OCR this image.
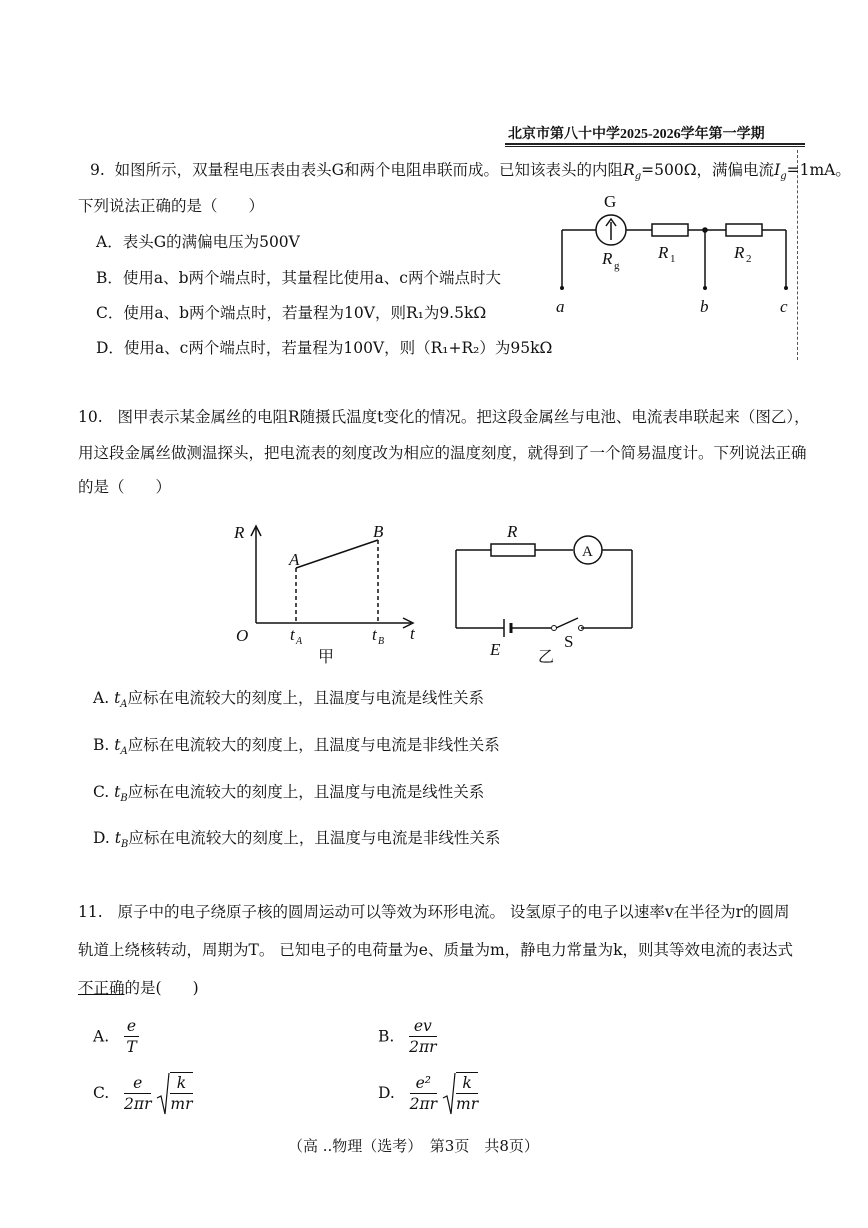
北京市第八十中学2025-2026学年第一学期
9. 如图所示，双量程电压表由表头G和两个电阻串联而成。已知该表头的内阻$R_g=500\Omega$，满偏电流$I_g=1mA$。
下列说法正确的是（　　）
A．表头G的满偏电压为500V
B．使用a、b两个端点时，其量程比使用a、c两个端点时大
C．使用a、b两个端点时，若量程为10V，则R₁为9.5kΩ
D．使用a、c两个端点时，若量程为100V，则（R₁+R₂）为95kΩ
G
R g
R 1	R 2
a	b	c
10. 图甲表示某金属丝的电阻R随摄氏温度t变化的情况。把这段金属丝与电池、电流表串联起来（图乙），
用这段金属丝做测温探头，把电流表的刻度改为相应的温度刻度，就得到了一个简易温度计。下列说法正确
的是（　　）
R
t
O
A
B
t A	t B
甲
R
A
E	S
乙
A. $t_A$应标在电流较大的刻度上，且温度与电流是线性关系
B. $t_A$应标在电流较大的刻度上，且温度与电流是非线性关系
C. $t_B$应标在电流较大的刻度上，且温度与电流是线性关系
D. $t_B$应标在电流较大的刻度上，且温度与电流是非线性关系
11. 原子中的电子绕原子核的圆周运动可以等效为环形电流。 设氢原子的电子以速率v在半径为r的圆周
轨道上绕核转动，周期为T。 已知电子的电荷量为e、质量为m，静电力常量为k，则其等效电流的表达式
不正确的是(　　)
A. $\frac{e}{T}$	B. $\frac{ev}{2\pi r}$
C. $\frac{e}{2\pi r}$
$\frac{k}{mr}$	D. $\frac{\text{e²}}{2\pi r}$
$\frac{k}{mr}$
（高 ..物理（选考）　第3页　共8页）
